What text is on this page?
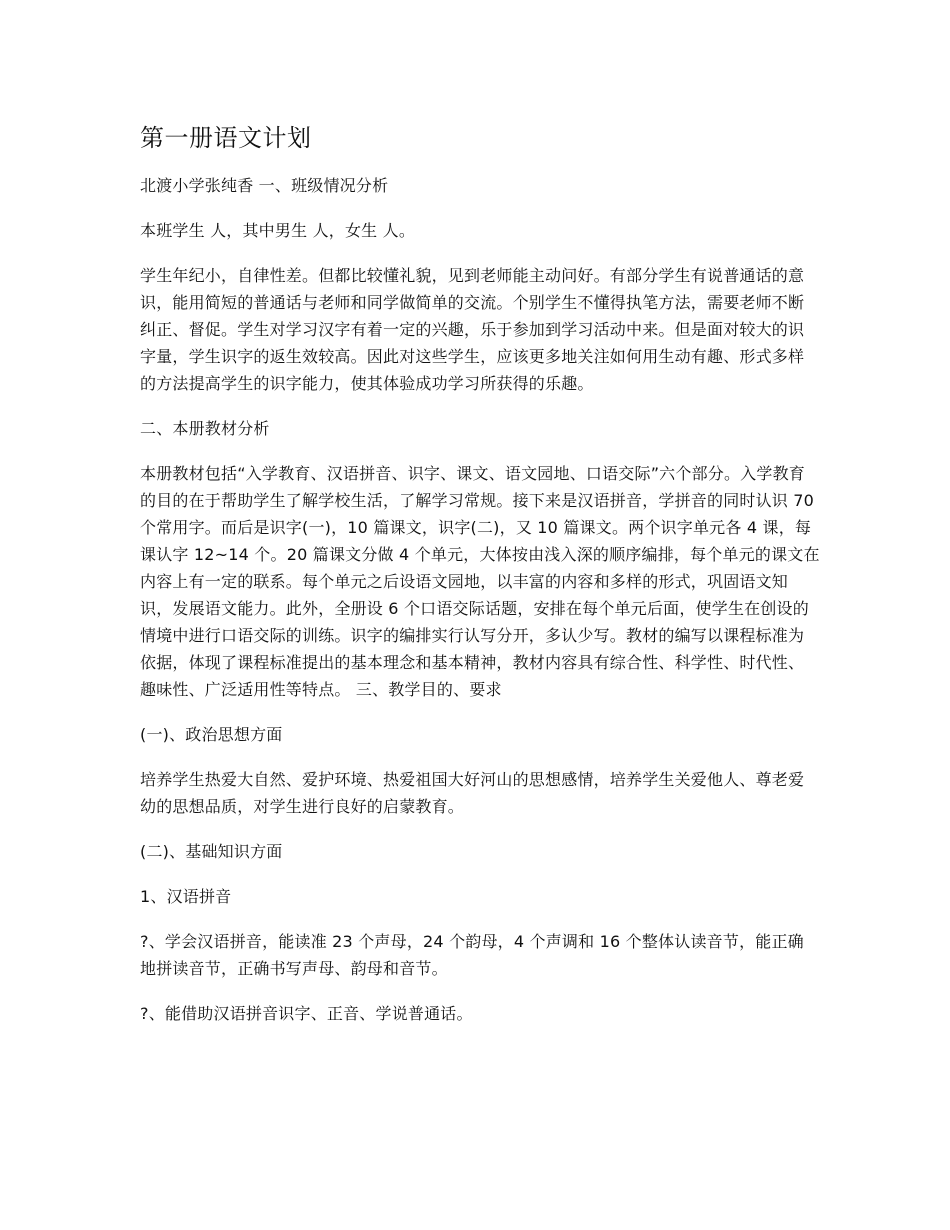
第一册语文计划

北渡小学张纯香 一、班级情况分析

本班学生 人，其中男生 人，女生 人。

学生年纪小，自律性差。但都比较懂礼貌，见到老师能主动问好。有部分学生有说普通话的意识，能用简短的普通话与老师和同学做简单的交流。个别学生不懂得执笔方法，需要老师不断纠正、督促。学生对学习汉字有着一定的兴趣，乐于参加到学习活动中来。但是面对较大的识字量，学生识字的返生效较高。因此对这些学生，应该更多地关注如何用生动有趣、形式多样的方法提高学生的识字能力，使其体验成功学习所获得的乐趣。

二、本册教材分析

本册教材包括“入学教育、汉语拼音、识字、课文、语文园地、口语交际”六个部分。入学教育的目的在于帮助学生了解学校生活，了解学习常规。接下来是汉语拼音，学拼音的同时认识 70 个常用字。而后是识字(一)，10 篇课文，识字(二)，又 10 篇课文。两个识字单元各 4 课，每课认字 12~14 个。20 篇课文分做 4 个单元，大体按由浅入深的顺序编排，每个单元的课文在内容上有一定的联系。每个单元之后设语文园地，以丰富的内容和多样的形式，巩固语文知识，发展语文能力。此外，全册设 6 个口语交际话题，安排在每个单元后面，使学生在创设的情境中进行口语交际的训练。识字的编排实行认写分开，多认少写。教材的编写以课程标准为依据，体现了课程标准提出的基本理念和基本精神，教材内容具有综合性、科学性、时代性、趣味性、广泛适用性等特点。 三、教学目的、要求

(一)、政治思想方面

培养学生热爱大自然、爱护环境、热爱祖国大好河山的思想感情，培养学生关爱他人、尊老爱幼的思想品质，对学生进行良好的启蒙教育。

(二)、基础知识方面

1、汉语拼音

?、学会汉语拼音，能读准 23 个声母，24 个韵母，4 个声调和 16 个整体认读音节，能正确地拼读音节，正确书写声母、韵母和音节。

?、能借助汉语拼音识字、正音、学说普通话。
